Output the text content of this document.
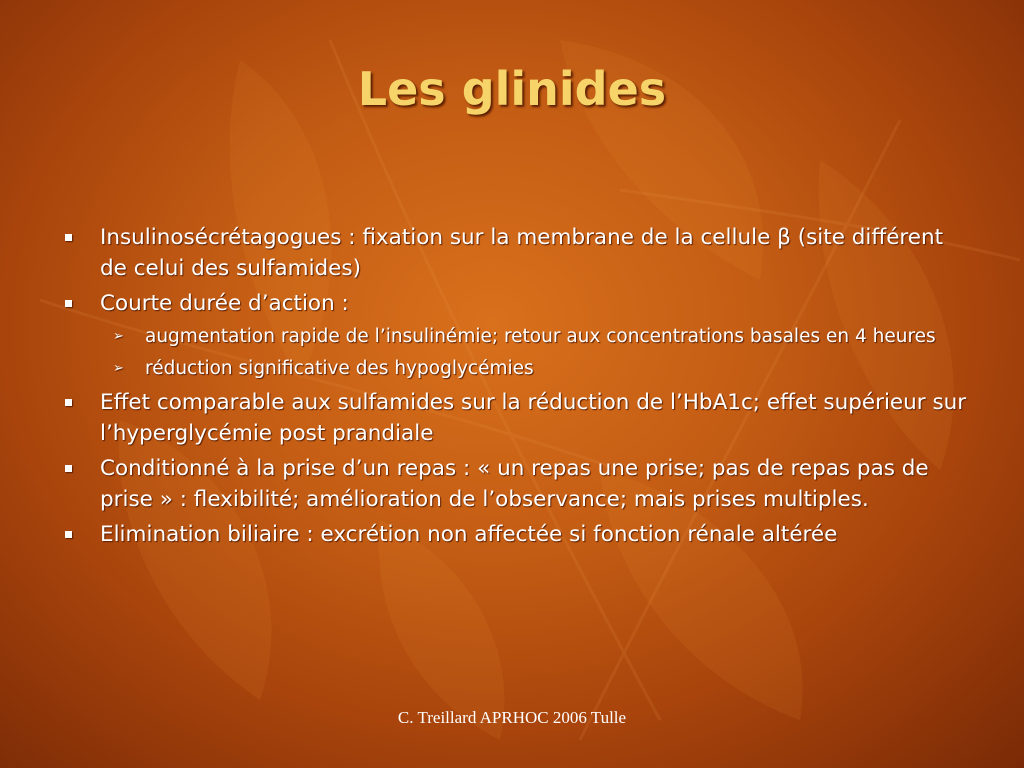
Les glinides
Insulinosécrétagogues : fixation sur la membrane de la cellule β (site différent de celui des sulfamides)
Courte durée d’action :
➢ augmentation rapide de l’insulinémie; retour aux concentrations basales en 4 heures
➢ réduction significative des hypoglycémies
Effet comparable aux sulfamides sur la réduction de l’HbA1c; effet supérieur sur l’hyperglycémie post prandiale
Conditionné à la prise d’un repas : « un repas une prise; pas de repas pas de prise » : flexibilité; amélioration de l’observance; mais prises multiples.
Elimination biliaire : excrétion non affectée si fonction rénale altérée
C. Treillard APRHOC 2006 Tulle
